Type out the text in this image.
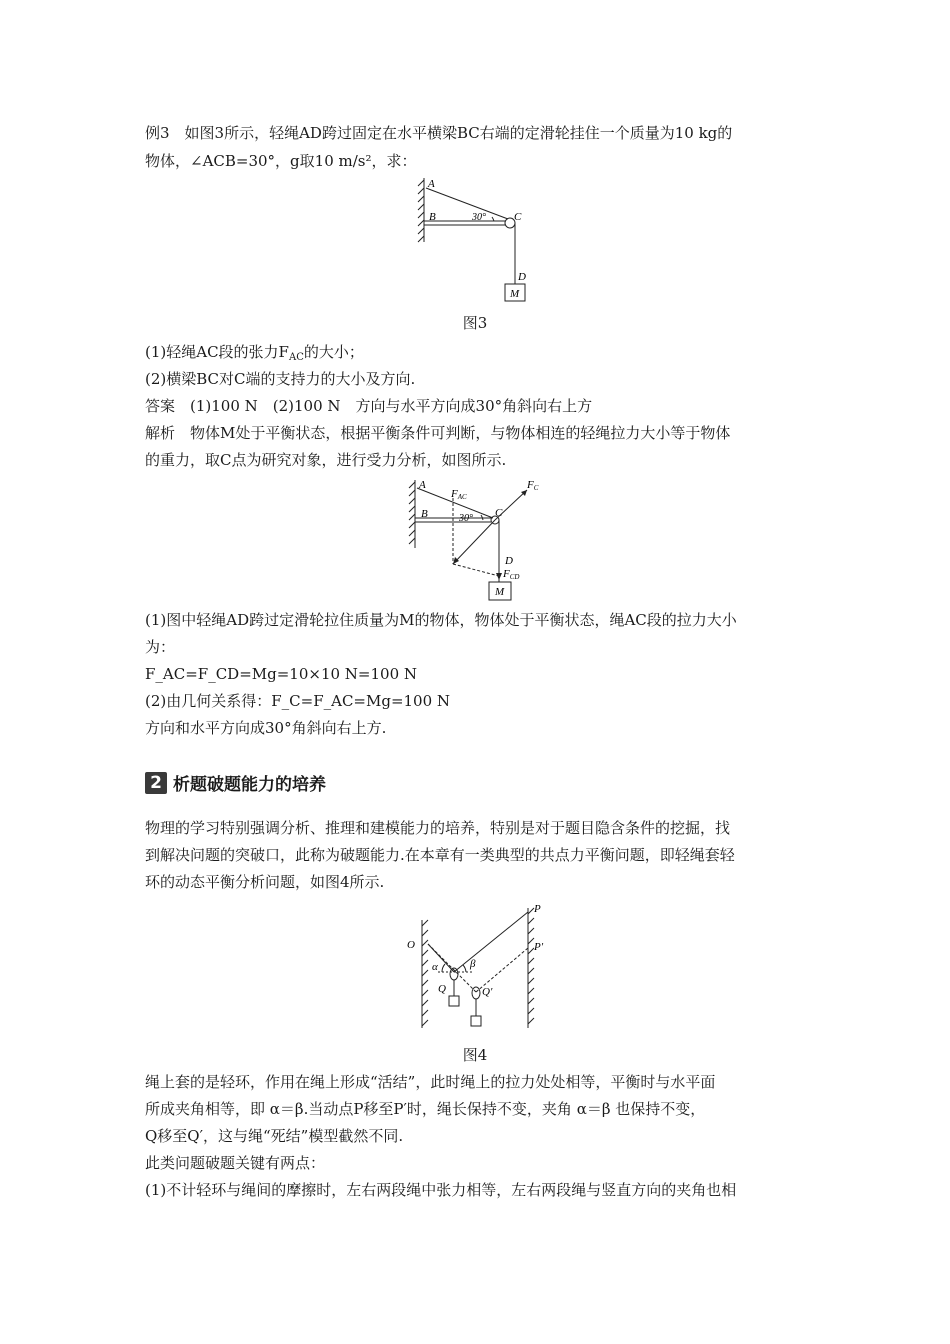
例3　如图3所示，轻绳AD跨过固定在水平横梁BC右端的定滑轮挂住一个质量为10 kg的
物体，∠ACB=30°，g取10 m/s²，求：
A
B	30°	C
D
M
图3
(1)轻绳AC段的张力$F_{AC}$的大小；
(2)横梁BC对C端的支持力的大小及方向.
答案　(1)100 N　(2)100 N　方向与水平方向成30°角斜向右上方
解析　物体M处于平衡状态，根据平衡条件可判断，与物体相连的轻绳拉力大小等于物体
的重力，取C点为研究对象，进行受力分析，如图所示.
A
B
FAC
30° C
FC
D
FCD
M
(1)图中轻绳AD跨过定滑轮拉住质量为M的物体，物体处于平衡状态，绳AC段的拉力大小
为：
F_AC=F_CD=Mg=10×10 N=100 N
(2)由几何关系得：F_C=F_AC=Mg=100 N
方向和水平方向成30°角斜向右上方.
2 析题破题能力的培养
物理的学习特别强调分析、推理和建模能力的培养，特别是对于题目隐含条件的挖掘，找
到解决问题的突破口，此称为破题能力.在本章有一类典型的共点力平衡问题，即轻绳套轻
环的动态平衡分析问题，如图4所示.
O
P
P′
α	β
Q	Q′
图4
绳上套的是轻环，作用在绳上形成“活结”，此时绳上的拉力处处相等，平衡时与水平面
所成夹角相等，即 α＝β.当动点P移至P′时，绳长保持不变，夹角 α＝β 也保持不变，
Q移至Q′，这与绳“死结”模型截然不同.
此类问题破题关键有两点：
(1)不计轻环与绳间的摩擦时，左右两段绳中张力相等，左右两段绳与竖直方向的夹角也相
